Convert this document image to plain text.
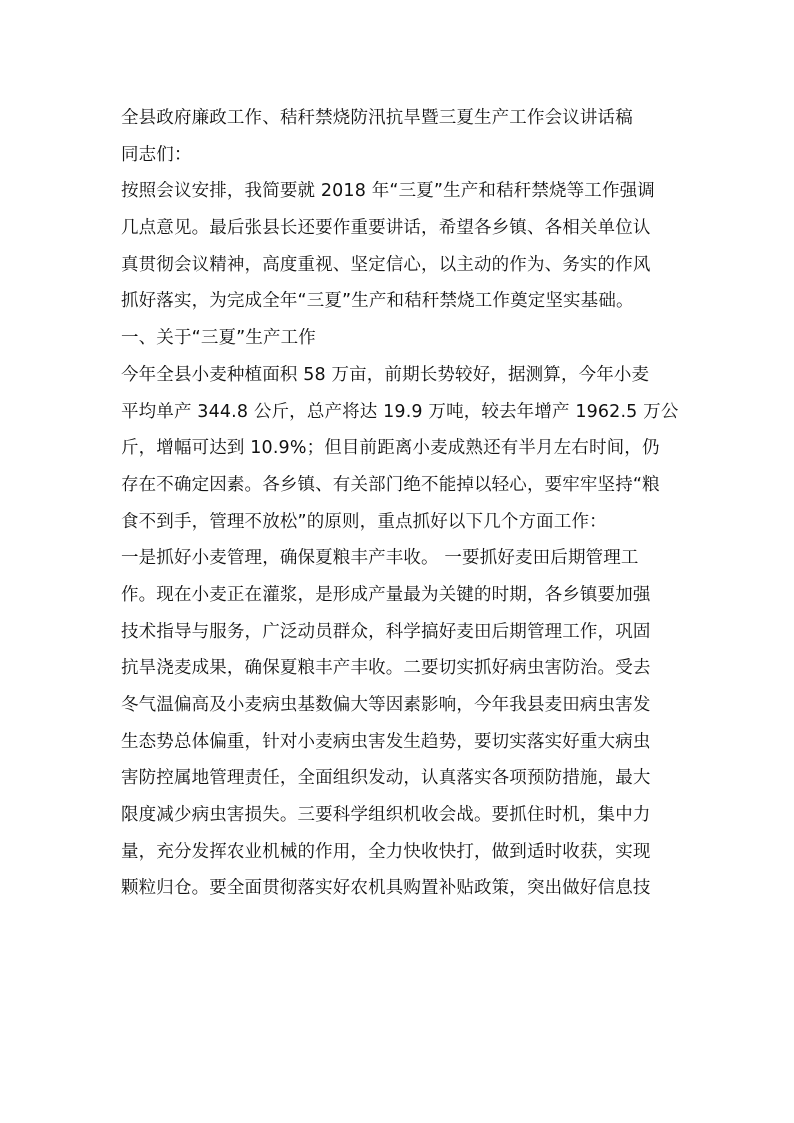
全县政府廉政工作、秸秆禁烧防汛抗旱暨三夏生产工作会议讲话稿
同志们：
按照会议安排，我简要就 2018 年“三夏”生产和秸秆禁烧等工作强调
几点意见。最后张县长还要作重要讲话，希望各乡镇、各相关单位认
真贯彻会议精神，高度重视、坚定信心，以主动的作为、务实的作风
抓好落实，为完成全年“三夏”生产和秸秆禁烧工作奠定坚实基础。
一、关于“三夏”生产工作
今年全县小麦种植面积 58 万亩，前期长势较好，据测算，今年小麦
平均单产 344.8 公斤，总产将达 19.9 万吨，较去年增产 1962.5 万公
斤，增幅可达到 10.9%；但目前距离小麦成熟还有半月左右时间，仍
存在不确定因素。各乡镇、有关部门绝不能掉以轻心，要牢牢坚持“粮
食不到手，管理不放松”的原则，重点抓好以下几个方面工作：
一是抓好小麦管理，确保夏粮丰产丰收。 一要抓好麦田后期管理工
作。现在小麦正在灌浆，是形成产量最为关键的时期，各乡镇要加强
技术指导与服务，广泛动员群众，科学搞好麦田后期管理工作，巩固
抗旱浇麦成果，确保夏粮丰产丰收。二要切实抓好病虫害防治。受去
冬气温偏高及小麦病虫基数偏大等因素影响，今年我县麦田病虫害发
生态势总体偏重，针对小麦病虫害发生趋势，要切实落实好重大病虫
害防控属地管理责任，全面组织发动，认真落实各项预防措施，最大
限度减少病虫害损失。三要科学组织机收会战。要抓住时机，集中力
量，充分发挥农业机械的作用，全力快收快打，做到适时收获，实现
颗粒归仓。要全面贯彻落实好农机具购置补贴政策，突出做好信息技
